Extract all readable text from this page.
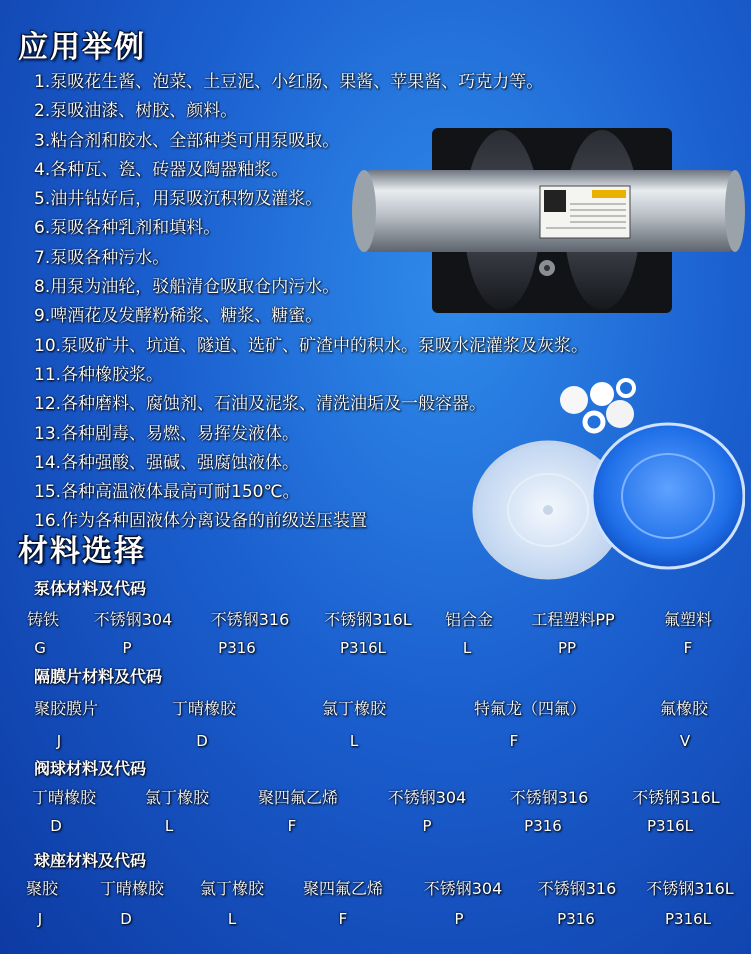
应用举例
1.泵吸花生酱、泡菜、土豆泥、小红肠、果酱、苹果酱、巧克力等。
2.泵吸油漆、树胶、颜料。
3.粘合剂和胶水、全部种类可用泵吸取。
4.各种瓦、瓷、砖器及陶器釉浆。
5.油井钻好后，用泵吸沉积物及灌浆。
6.泵吸各种乳剂和填料。
7.泵吸各种污水。
8.用泵为油轮，驳船清仓吸取仓内污水。
9.啤酒花及发酵粉稀浆、糖浆、糖蜜。
10.泵吸矿井、坑道、隧道、选矿、矿渣中的积水。泵吸水泥灌浆及灰浆。
11.各种橡胶浆。
12.各种磨料、腐蚀剂、石油及泥浆、清洗油垢及一般容器。
13.各种剧毒、易燃、易挥发液体。
14.各种强酸、强碱、强腐蚀液体。
15.各种高温液体最高可耐150℃。
16.作为各种固液体分离设备的前级送压装置
材料选择
泵体材料及代码
铸铁 不锈钢304 不锈钢316 不锈钢316L 铝合金 工程塑料PP	氟塑料
G	P	P316	P316L	L	PP	F
隔膜片材料及代码
聚胶膜片	丁晴橡胶	氯丁橡胶	特氟龙（四氟）	氟橡胶
J	D	L	F	V
阀球材料及代码
丁晴橡胶	氯丁橡胶	聚四氟乙烯	不锈钢304	不锈钢316	不锈钢316L
D	L	F	P	P316	P316L
球座材料及代码
聚胶	丁晴橡胶 氯丁橡胶 聚四氟乙烯	不锈钢304 不锈钢316 不锈钢316L
J	D	L	F	P	P316	P316L
